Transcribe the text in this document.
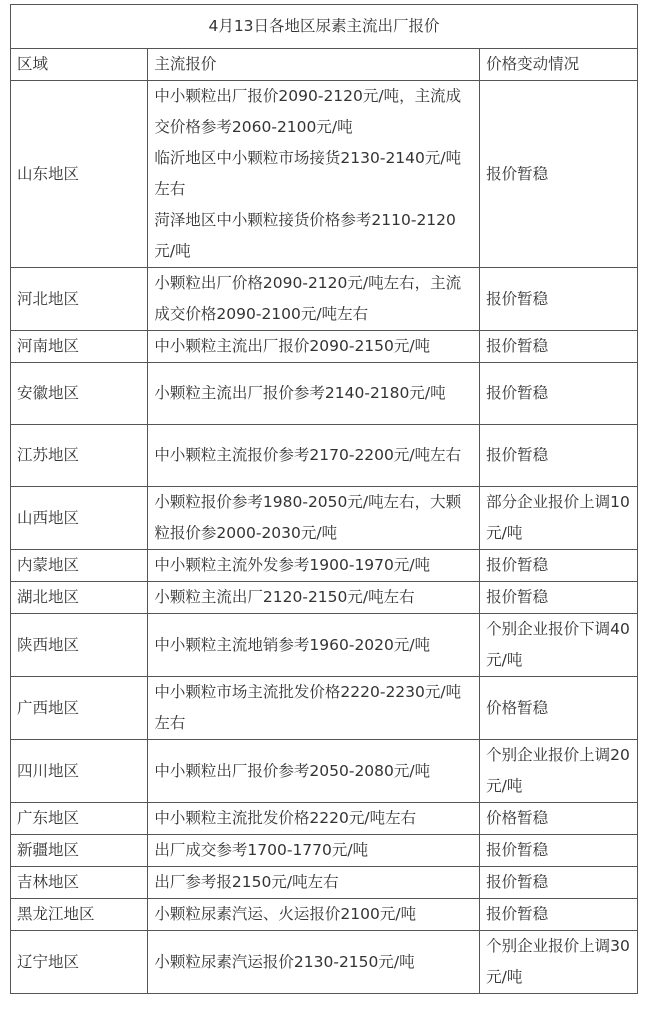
4月13日各地区尿素主流出厂报价		
区域	主流报价	价格变动情况
山东地区	中小颗粒出厂报价2090-2120元/吨，主流成交价格参考2060-2100元/吨
临沂地区中小颗粒市场接货2130-2140元/吨左右
菏泽地区中小颗粒接货价格参考2110-2120元/吨	报价暂稳
河北地区	小颗粒出厂价格2090-2120元/吨左右，主流成交价格2090-2100元/吨左右	报价暂稳
河南地区	中小颗粒主流出厂报价2090-2150元/吨	报价暂稳
安徽地区	小颗粒主流出厂报价参考2140-2180元/吨	报价暂稳
江苏地区	中小颗粒主流报价参考2170-2200元/吨左右	报价暂稳
山西地区	小颗粒报价参考1980-2050元/吨左右，大颗粒报价参2000-2030元/吨	部分企业报价上调10元/吨
内蒙地区	中小颗粒主流外发参考1900-1970元/吨	报价暂稳
湖北地区	小颗粒主流出厂2120-2150元/吨左右	报价暂稳
陕西地区	中小颗粒主流地销参考1960-2020元/吨	个别企业报价下调40元/吨
广西地区	中小颗粒市场主流批发价格2220-2230元/吨左右	价格暂稳
四川地区	中小颗粒出厂报价参考2050-2080元/吨	个别企业报价上调20元/吨
广东地区	中小颗粒主流批发价格2220元/吨左右	价格暂稳
新疆地区	出厂成交参考1700-1770元/吨	报价暂稳
吉林地区	出厂参考报2150元/吨左右	报价暂稳
黑龙江地区	小颗粒尿素汽运、火运报价2100元/吨	报价暂稳
辽宁地区	小颗粒尿素汽运报价2130-2150元/吨	个别企业报价上调30元/吨
